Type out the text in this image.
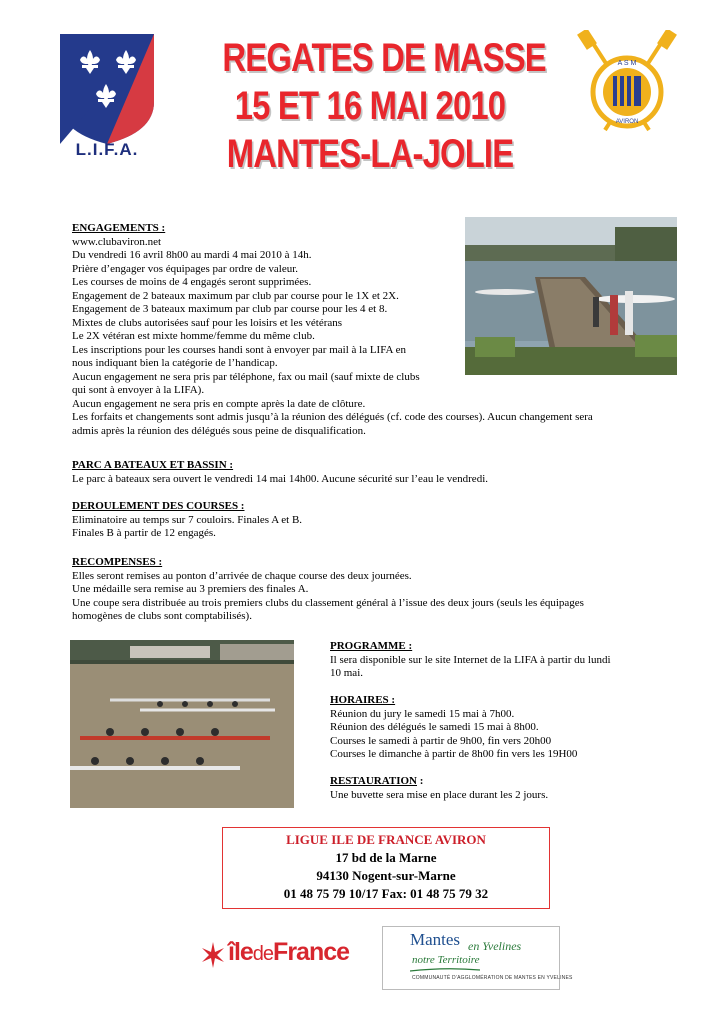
L.I.F.A.
REGATES DE MASSE
15 ET 16 MAI 2010
MANTES-LA-JOLIE
A S M
AVIRON

ENGAGEMENTS :

www.clubaviron.net

Du vendredi 16 avril 8h00 au mardi 4 mai 2010 à 14h.

Prière d’engager vos équipages par ordre de valeur.

Les courses de moins de 4 engagés seront supprimées.

Engagement de 2 bateaux maximum par club par course pour le 1X et 2X.

Engagement de 3 bateaux maximum par club par course pour les 4 et 8.

Mixtes de clubs autorisées sauf pour les loisirs et les vétérans

Le 2X vétéran est mixte homme/femme du même club.

Les inscriptions pour les courses handi sont à envoyer par mail à la LIFA en

nous indiquant bien la catégorie de l’handicap.

Aucun engagement ne sera pris par téléphone, fax ou mail (sauf mixte de clubs

qui sont à envoyer à la LIFA).

Aucun engagement ne sera pris en compte après la date de clôture.

Les forfaits et changements sont admis jusqu’à la réunion des délégués (cf. code des courses). Aucun changement sera

admis après la réunion des délégués sous peine de disqualification.

PARC A BATEAUX ET BASSIN :

Le parc à bateaux sera ouvert le vendredi 14 mai 14h00. Aucune sécurité sur l’eau le vendredi.

DEROULEMENT DES COURSES :

Eliminatoire au temps sur 7 couloirs. Finales A et B.

Finales B à partir de 12 engagés.

RECOMPENSES :

Elles seront remises au ponton d’arrivée de chaque course des deux journées.

Une médaille sera remise au 3 premiers des finales A.

Une coupe sera distribuée au trois premiers clubs du classement général à l’issue des deux jours (seuls les équipages

homogènes de clubs sont comptabilisés).

PROGRAMME :

Il sera disponible sur le site Internet de la LIFA à partir du lundi

10 mai.

HORAIRES :

Réunion du jury le samedi 15 mai à 7h00.

Réunion des délégués le samedi 15 mai à 8h00.

Courses le samedi à partir de 9h00, fin vers 20h00

Courses le dimanche à partir de 8h00 fin vers les 19H00

RESTAURATION :

Une buvette sera mise en place durant les 2 jours.

LIGUE ILE DE FRANCE AVIRON
17 bd de la Marne
94130 Nogent-sur-Marne
01 48 75 79 10/17 Fax: 01 48 75 79 32
îledeFrance	Mantes en Yvelines
notre Territoire
COMMUNAUTÉ D’AGGLOMÉRATION DE MANTES EN YVELINES
